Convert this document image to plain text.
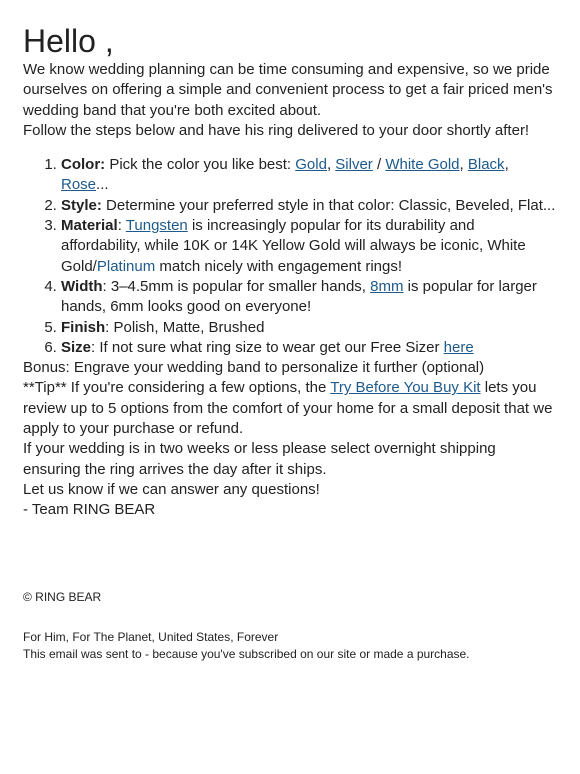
Hello ,

We know wedding planning can be time consuming and expensive, so we pride ourselves on offering a simple and convenient process to get a fair priced men's wedding band that you're both excited about.
Follow the steps below and have his ring delivered to your door shortly after!

1. Color: Pick the color you like best: Gold, Silver / White Gold, Black, Rose...
2. Style: Determine your preferred style in that color: Classic, Beveled, Flat...
3. Material: Tungsten is increasingly popular for its durability and affordability, while 10K or 14K Yellow Gold will always be iconic, White Gold/Platinum match nicely with engagement rings!
4. Width: 3–4.5mm is popular for smaller hands, 8mm is popular for larger hands, 6mm looks good on everyone!
5. Finish: Polish, Matte, Brushed
6. Size: If not sure what ring size to wear get our Free Sizer here

Bonus: Engrave your wedding band to personalize it further (optional)

**Tip** If you're considering a few options, the Try Before You Buy Kit lets you review up to 5 options from the comfort of your home for a small deposit that we apply to your purchase or refund.

If your wedding is in two weeks or less please select overnight shipping ensuring the ring arrives the day after it ships.

Let us know if we can answer any questions!

- Team RING BEAR

© RING BEAR
For Him, For The Planet, United States, Forever
This email was sent to - because you've subscribed on our site or made a purchase.
